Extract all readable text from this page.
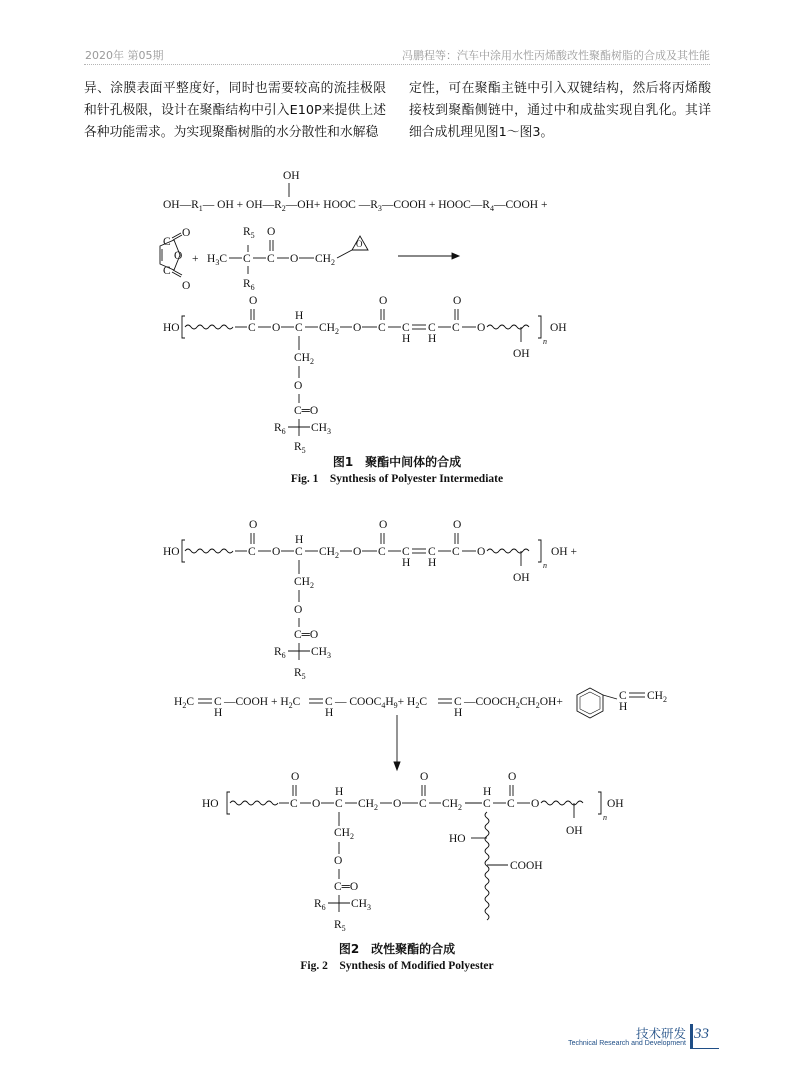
2020年 第05期	冯鹏程等：汽车中涂用水性丙烯酸改性聚酯树脂的合成及其性能
异、涂膜表面平整度好，同时也需要较高的流挂极限和针孔极限，设计在聚酯结构中引入E10P来提供上述各种功能需求。为实现聚酯树脂的水分散性和水解稳
定性，可在聚酯主链中引入双键结构，然后将丙烯酸接枝到聚酯侧链中，通过中和成盐实现自乳化。其详细合成机理见图1～图3。
$OH—R_1—$ OH + $OH—R_2—OH+$ HOOC $—R_3—COOH$ + $HOOC—R_4—COOH$ +
OH
C
O
C
O
O
+ $H_3C$ C
$R_5$
$R_6$
C
O
O $CH_2$
O
HO	C
O
O C
H
$CH_2$ O C
O
C
H
C
H
C
O
O
OH
n
OH
$CH_2$
O
C═O
$R_6$ $CH_3$
$R_5$
图1　聚酯中间体的合成
Fig. 1　Synthesis of Polyester Intermediate
HO	C
O
O C
H
$CH_2$ O C
O
C
H
C
H
C
O
O
OH
n
OH +
$CH_2$
O
C═O
$R_6$ $CH_3$
$R_5$
$H_2C$ C
H
—COOH + $H_2C$ C
H
— $COOC_4H_9+ H_2C$ C
H
$—COOCH_2CH_2OH+$	C
H
$CH_2$
HO	C
O
O C
H
$CH_2$ O C
O
$CH_2$ C
H
C
O
O
OH
n
OH
$CH_2$
O
C═O
$R_6$ $CH_3$
$R_5$
HO
COOH
图2　改性聚酯的合成
Fig. 2　Synthesis of Modified Polyester
技术研发
Technical Research and Development
33
